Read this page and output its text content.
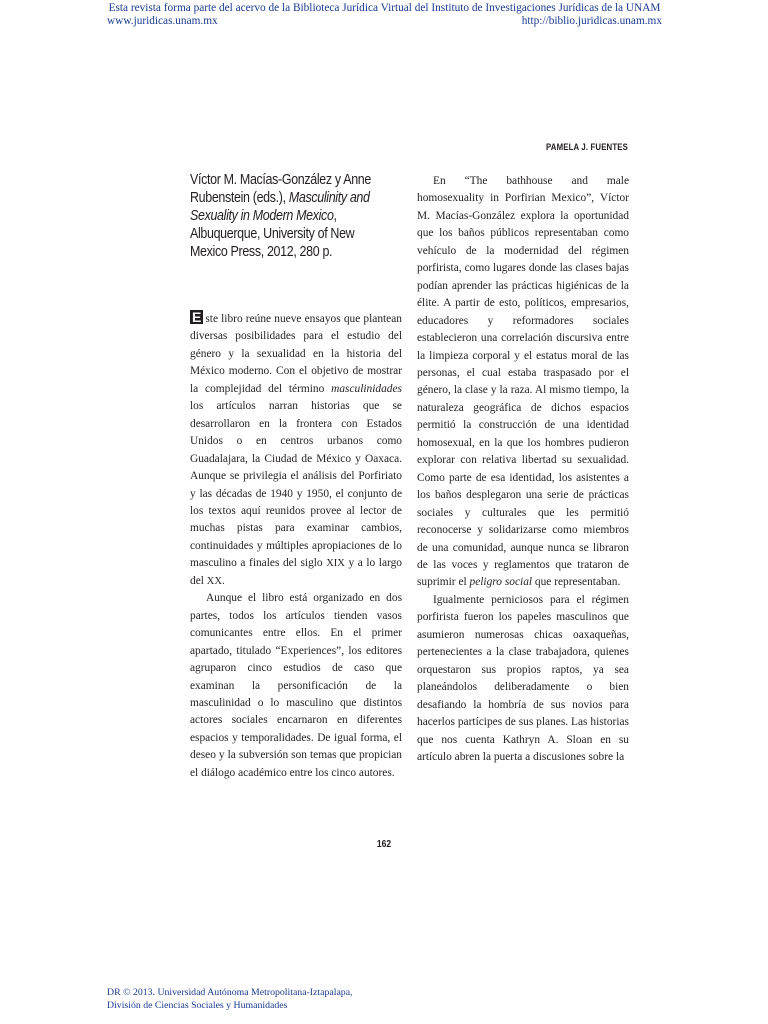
Esta revista forma parte del acervo de la Biblioteca Jurídica Virtual del Instituto de Investigaciones Jurídicas de la UNAM
www.juridicas.unam.mx	http://biblio.juridicas.unam.mx
PAMELA J. FUENTES
Víctor M. Macías-González y Anne Rubenstein (eds.), Masculinity and Sexuality in Modern Mexico, Albuquerque, University of New Mexico Press, 2012, 280 p.

E ste libro reúne nueve ensayos que plantean diversas posibilidades para el estudio del género y la sexualidad en la historia del México moderno. Con el objetivo de mostrar la complejidad del término masculinidades los artículos narran historias que se desarrollaron en la frontera con Estados Unidos o en centros urbanos como Guadalajara, la Ciudad de México y Oaxaca. Aunque se privilegia el análisis del Porfiriato y las décadas de 1940 y 1950, el conjunto de los textos aquí reunidos provee al lector de muchas pistas para examinar cambios, continuidades y múltiples apropiaciones de lo masculino a finales del siglo XIX y a lo largo del XX.

Aunque el libro está organizado en dos partes, todos los artículos tienden vasos comunicantes entre ellos. En el primer apartado, titulado “Experiences”, los editores agruparon cinco estudios de caso que examinan la personificación de la masculinidad o lo masculino que distintos actores sociales encarnaron en diferentes espacios y temporalidades. De igual forma, el deseo y la subversión son temas que propician el diálogo académico entre los cinco autores.

En “The bathhouse and male homosexuality in Porfirian Mexico”, Víctor M. Macías-González explora la oportunidad que los baños públicos representaban como vehículo de la modernidad del régimen porfirista, como lugares donde las clases bajas podían aprender las prácticas higiénicas de la élite. A partir de esto, políticos, empresarios, educadores y reformadores sociales establecieron una correlación discursiva entre la limpieza corporal y el estatus moral de las personas, el cual estaba traspasado por el género, la clase y la raza. Al mismo tiempo, la naturaleza geográfica de dichos espacios permitió la construcción de una identidad homosexual, en la que los hombres pudieron explorar con relativa libertad su sexualidad. Como parte de esa identidad, los asistentes a los baños desplegaron una serie de prácticas sociales y culturales que les permitió reconocerse y solidarizarse como miembros de una comunidad, aunque nunca se libraron de las voces y reglamentos que trataron de suprimir el peligro social que representaban.

Igualmente perniciosos para el régimen porfirista fueron los papeles masculinos que asumieron numerosas chicas oaxaqueñas, pertenecientes a la clase trabajadora, quienes orquestaron sus propios raptos, ya sea planeándolos deliberadamente o bien desafiando la hombría de sus novios para hacerlos partícipes de sus planes. Las historias que nos cuenta Kathryn A. Sloan en su artículo abren la puerta a discusiones sobre la

162
DR © 2013. Universidad Autónoma Metropolitana-Iztapalapa,
División de Ciencias Sociales y Humanidades
